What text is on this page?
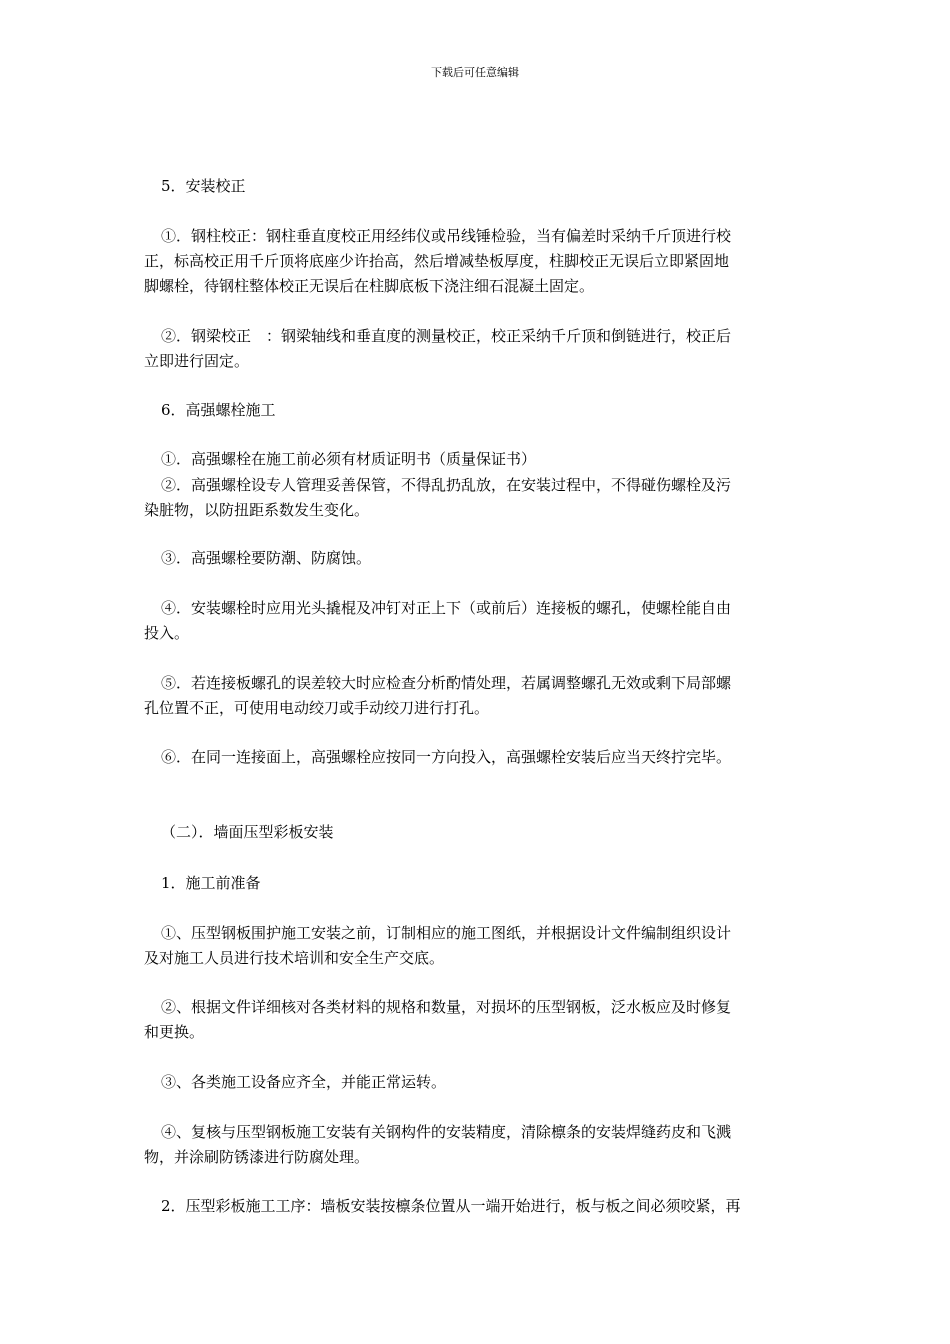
下载后可任意编辑
5．安装校正
①．钢柱校正：钢柱垂直度校正用经纬仪或吊线锤检验，当有偏差时采纳千斤顶进行校
正，标高校正用千斤顶将底座少许抬高，然后增减垫板厚度，柱脚校正无误后立即紧固地
脚螺栓，待钢柱整体校正无误后在柱脚底板下浇注细石混凝土固定。
②．钢梁校正　：钢梁轴线和垂直度的测量校正，校正采纳千斤顶和倒链进行，校正后
立即进行固定。
6．高强螺栓施工
①．高强螺栓在施工前必须有材质证明书（质量保证书）
②．高强螺栓设专人管理妥善保管，不得乱扔乱放，在安装过程中，不得碰伤螺栓及污
染脏物，以防扭距系数发生变化。
③．高强螺栓要防潮、防腐蚀。
④．安装螺栓时应用光头撬棍及冲钉对正上下（或前后）连接板的螺孔，使螺栓能自由
投入。
⑤．若连接板螺孔的误差较大时应检查分析酌情处理，若属调整螺孔无效或剩下局部螺
孔位置不正，可使用电动绞刀或手动绞刀进行打孔。
⑥．在同一连接面上，高强螺栓应按同一方向投入，高强螺栓安装后应当天终拧完毕。
（二）．墙面压型彩板安装
1．施工前准备
①、压型钢板围护施工安装之前，订制相应的施工图纸，并根据设计文件编制组织设计
及对施工人员进行技术培训和安全生产交底。
②、根据文件详细核对各类材料的规格和数量，对损坏的压型钢板，泛水板应及时修复
和更换。
③、各类施工设备应齐全，并能正常运转。
④、复核与压型钢板施工安装有关钢构件的安装精度，清除檩条的安装焊缝药皮和飞溅
物，并涂刷防锈漆进行防腐处理。
2．压型彩板施工工序：墙板安装按檩条位置从一端开始进行，板与板之间必须咬紧，再
